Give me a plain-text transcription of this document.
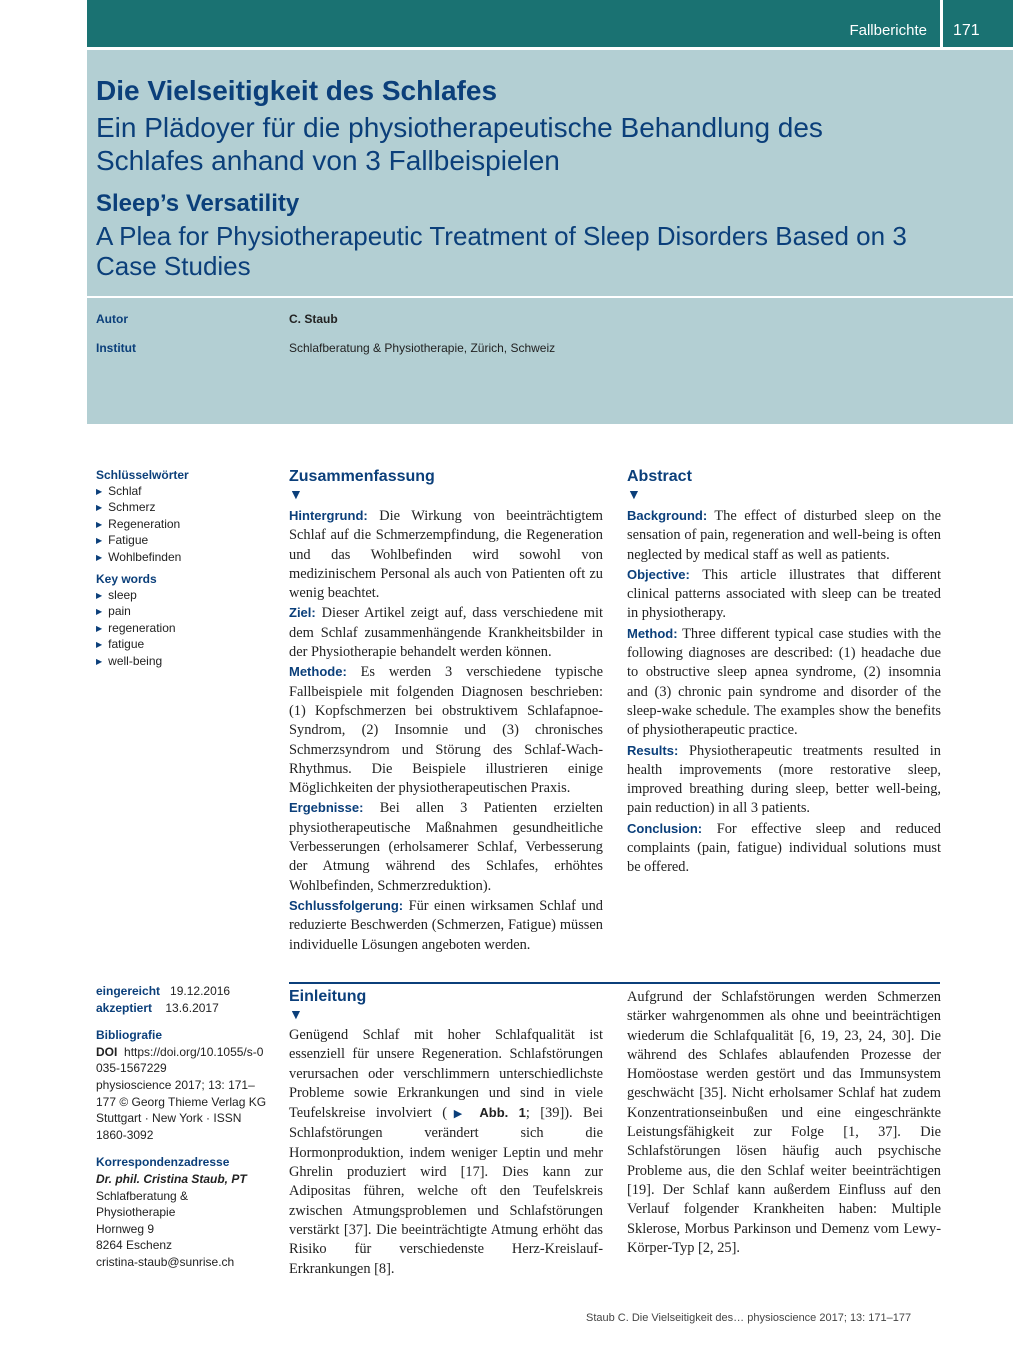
Fallberichte 171
Die Vielseitigkeit des Schlafes
Ein Plädoyer für die physiotherapeutische Behandlung des Schlafes anhand von 3 Fallbeispielen
Sleep’s Versatility
A Plea for Physiotherapeutic Treatment of Sleep Disorders Based on 3 Case Studies
Autor	C. Staub
Institut	Schlafberatung & Physiotherapie, Zürich, Schweiz
Schlüsselwörter
▶ Schlaf
▶ Schmerz
▶ Regeneration
▶ Fatigue
▶ Wohlbefinden
Key words
▶ sleep
▶ pain
▶ regeneration
▶ fatigue
▶ well-being
Zusammenfassung
▼

Hintergrund: Die Wirkung von beeinträchtigtem Schlaf auf die Schmerzempfindung, die Regeneration und das Wohlbefinden wird sowohl von medizinischem Personal als auch von Patienten oft zu wenig beachtet.

Ziel: Dieser Artikel zeigt auf, dass verschiedene mit dem Schlaf zusammenhängende Krankheitsbilder in der Physiotherapie behandelt werden können.

Methode: Es werden 3 verschiedene typische Fallbeispiele mit folgenden Diagnosen beschrieben: (1) Kopfschmerzen bei obstruktivem Schlafapnoe-Syndrom, (2) Insomnie und (3) chronisches Schmerzsyndrom und Störung des Schlaf-Wach-Rhythmus. Die Beispiele illustrieren einige Möglichkeiten der physiotherapeutischen Praxis.

Ergebnisse: Bei allen 3 Patienten erzielten physiotherapeutische Maßnahmen gesundheitliche Verbesserungen (erholsamerer Schlaf, Verbesserung der Atmung während des Schlafes, erhöhtes Wohlbefinden, Schmerzreduktion).

Schlussfolgerung: Für einen wirksamen Schlaf und reduzierte Beschwerden (Schmerzen, Fatigue) müssen individuelle Lösungen angeboten werden.

Abstract
▼

Background: The effect of disturbed sleep on the sensation of pain, regeneration and well-being is often neglected by medical staff as well as patients.

Objective: This article illustrates that different clinical patterns associated with sleep can be treated in physiotherapy.

Method: Three different typical case studies with the following diagnoses are described: (1) headache due to obstructive sleep apnea syndrome, (2) insomnia and (3) chronic pain syndrome and disorder of the sleep-wake schedule. The examples show the benefits of physiotherapeutic practice.

Results: Physiotherapeutic treatments resulted in health improvements (more restorative sleep, improved breathing during sleep, better well-being, pain reduction) in all 3 patients.

Conclusion: For effective sleep and reduced complaints (pain, fatigue) individual solutions must be offered.

eingereicht 19.12.2016
akzeptiert 13.6.2017
Bibliografie
DOI https://doi.org/10.1055/s-0035-1567229
physioscience 2017; 13: 171–177 © Georg Thieme Verlag KG Stuttgart · New York · ISSN 1860-3092
Korrespondenzadresse
Dr. phil. Cristina Staub, PT
Schlafberatung & Physiotherapie
Hornweg 9
8264 Eschenz
cristina-staub@sunrise.ch
Einleitung
▼

Genügend Schlaf mit hoher Schlafqualität ist essenziell für unsere Regeneration. Schlafstörungen verursachen oder verschlimmern unterschiedlichste Probleme sowie Erkrankungen und sind in viele Teufelskreise involviert (▶ Abb. 1; [39]). Bei Schlafstörungen verändert sich die Hormonproduktion, indem weniger Leptin und mehr Ghrelin produziert wird [17]. Dies kann zur Adipositas führen, welche oft den Teufelskreis zwischen Atmungsproblemen und Schlafstörungen verstärkt [37]. Die beeinträchtigte Atmung erhöht das Risiko für verschiedenste Herz-Kreislauf-Erkrankungen [8].

Aufgrund der Schlafstörungen werden Schmerzen stärker wahrgenommen als ohne und beeinträchtigen wiederum die Schlafqualität [6, 19, 23, 24, 30]. Die während des Schlafes ablaufenden Prozesse der Homöostase werden gestört und das Immunsystem geschwächt [35]. Nicht erholsamer Schlaf hat zudem Konzentrationseinbußen und eine eingeschränkte Leistungsfähigkeit zur Folge [1, 37]. Die Schlafstörungen lösen häufig auch psychische Probleme aus, die den Schlaf weiter beeinträchtigen [19]. Der Schlaf kann außerdem Einfluss auf den Verlauf folgender Krankheiten haben: Multiple Sklerose, Morbus Parkinson und Demenz vom Lewy-Körper-Typ [2, 25].

Staub C. Die Vielseitigkeit des… physioscience 2017; 13: 171–177
